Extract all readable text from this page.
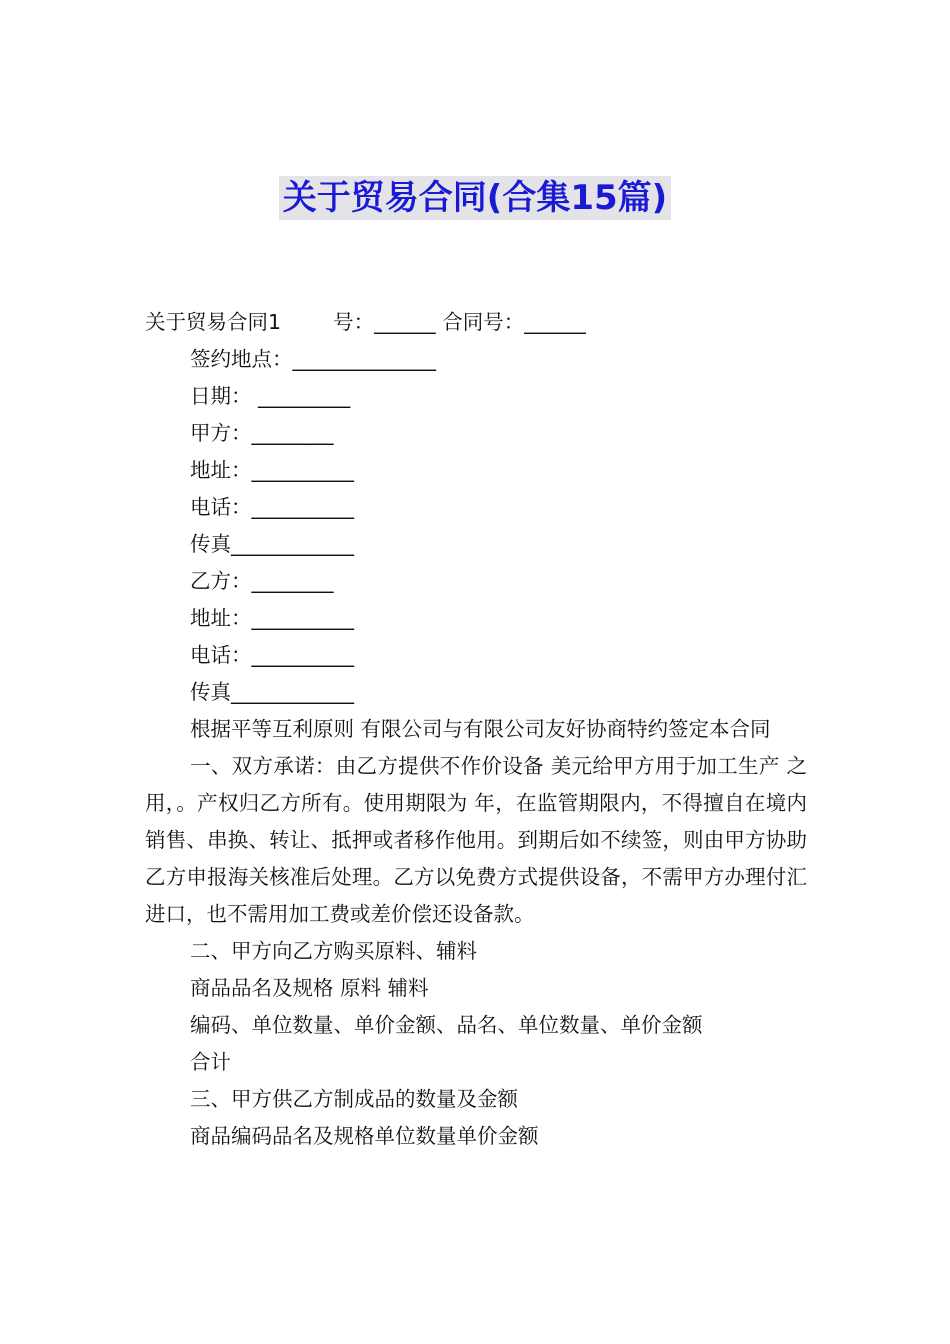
关于贸易合同(合集15篇)
关于贸易合同1        号：______ 合同号：______
签约地点：______________
日期： _________
甲方：________
地址：__________
电话：__________
传真____________
乙方：________
地址：__________
电话：__________
传真____________
根据平等互利原则 有限公司与有限公司友好协商特约签定本合同
一、双方承诺：由乙方提供不作价设备 美元给甲方用于加工生产 之用，。产权归乙方所有。使用期限为 年，在监管期限内，不得擅自在境内销售、串换、转让、抵押或者移作他用。到期后如不续签，则由甲方协助乙方申报海关核准后处理。乙方以免费方式提供设备，不需甲方办理付汇进口，也不需用加工费或差价偿还设备款。
二、甲方向乙方购买原料、辅料
商品品名及规格 原料 辅料
编码、单位数量、单价金额、品名、单位数量、单价金额
合计
三、甲方供乙方制成品的数量及金额
商品编码品名及规格单位数量单价金额
